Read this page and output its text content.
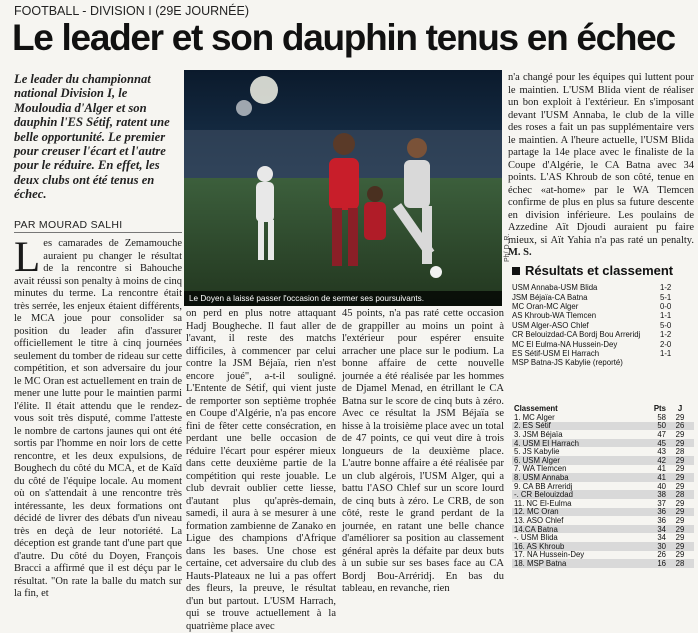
FOOTBALL - DIVISION I (29E JOURNÉE)
Le leader et son dauphin tenus en échec

Le leader du championnat national Division I, le Mouloudia d'Alger et son dauphin l'ES Sétif, ratent une belle opportunité. Le premier pour creuser l'écart et l'autre pour le réduire. En effet, les deux clubs ont été tenus en échec.

PAR MOURAD SALHI
Le Doyen a laissé passer l'occasion de sermer ses poursuivants.
Ph/ D. R.
Les camarades de Zemamouche auraient pu changer le résultat de la rencontre si Bahouche avait réussi son penalty à moins de cinq minutes du terme. La rencontre était très serrée, les enjeux étaient différents, le MCA joue pour consolider sa position du leader afin d'assurer officiellement le titre à cinq journées seulement du tomber de rideau sur cette compétition, et son adversaire du jour le MC Oran est actuellement en train de mener une lutte pour le maintien parmi l'élite. Il était attendu que le rendez-vous soit très disputé, comme l'atteste le nombre de cartons jaunes qui ont été sortis par l'homme en noir lors de cette rencontre, et les deux expulsions, de Boughech du côté du MCA, et de Kaïd du côté de l'équipe locale. Au moment où on s'attendait à une rencontre très intéressante, les deux formations ont décidé de livrer des débats d'un niveau très en deçà de leur notoriété. La déception est grande tant d'une part que d'autre. Du côté du Doyen, François Bracci a affirmé que il est déçu par le résultat. "On rate la balle du match sur la fin, et
on perd en plus notre attaquant Hadj Bougheche. Il faut aller de l'avant, il reste des matchs difficiles, à commencer par celui contre la JSM Béjaïa, rien n'est encore joué", a-t-il souligné. L'Entente de Sétif, qui vient juste de remporter son septième trophée en Coupe d'Algérie, n'a pas encore fini de fêter cette consécration, en perdant une belle occasion de réduire l'écart pour espérer mieux dans cette deuxième partie de la compétition qui reste jouable. Le club devrait oublier cette liesse, d'autant plus qu'après-demain, samedi, il aura à se mesurer à une formation zambienne de Zanako en Ligue des champions d'Afrique dans les bases. Une chose est certaine, cet adversaire du club des Hauts-Plateaux ne lui a pas offert des fleurs, la preuve, le résultat d'un but partout. L'USM Harrach, qui se trouve actuellement à la quatrième place avec
45 points, n'a pas raté cette occasion de grappiller au moins un point à l'extérieur pour espérer ensuite arracher une place sur le podium. La bonne affaire de cette nouvelle journée a été réalisée par les hommes de Djamel Menad, en étrillant le CA Batna sur le score de cinq buts à zéro. Avec ce résultat la JSM Béjaïa se hisse à la troisième place avec un total de 47 points, ce qui veut dire à trois longueurs de la deuxième place. L'autre bonne affaire a été réalisée par un club algérois, l'USM Alger, qui a battu l'ASO Chlef sur un score lourd de cinq buts à zéro. Le CRB, de son côté, reste le grand perdant de la journée, en ratant une belle chance d'améliorer sa position au classement général après la défaite par deux buts à un subie sur ses bases face au CA Bordj Bou-Arréridj. En bas du tableau, en revanche, rien
n'a changé pour les équipes qui luttent pour le maintien. L'USM Blida vient de réaliser un bon exploit à l'extérieur. En s'imposant devant l'USM Annaba, le club de la ville des roses a fait un pas supplémentaire vers le maintien. A l'heure actuelle, l'USM Blida partage la 14e place avec le finaliste de la Coupe d'Algérie, le CA Batna avec 34 points. L'AS Khroub de son côté, tenue en échec «at-home» par le WA Tlemcen confirme de plus en plus sa future descente en division inférieure. Les poulains de Azzedine Aït Djoudi auraient pu faire mieux, si Aït Yahia n'a pas raté un penalty. M. S.
Résultats et classement
USM Annaba-USM Blida	1-2
JSM Béjaïa-CA Batna	5-1
MC Oran-MC Alger	0-0
AS Khroub-WA Tlemcen	1-1
USM Alger-ASO Chlef	5-0
CR Belouizdad-CA Bordj Bou Arreridj	1-2
MC El Eulma-NA Hussein-Dey	2-0
ES Sétif-USM El Harrach	1-1
MSP Batna-JS Kabylie (reporté)
Classement	Pts	J
1. MC Alger	58	29
2. ES Sétif	50	26
3. JSM Béjaïa	47	29
4. USM El Harrach	45	29
5. JS Kabylie	43	28
6. USM Alger	42	29
7. WA Tlemcen	41	29
8. USM Annaba	41	29
9. CA BB Arreridj	40	29
-. CR Belouizdad	38	28
11. NC El-Eulma	37	29
12. MC Oran	36	29
13. ASO Chlef	36	29
14.CA Batna	34	29
-. USM Blida	34	29
16. AS Khroub	30	29
17. NA Hussein-Dey	26	29
18. MSP Batna	16	28
